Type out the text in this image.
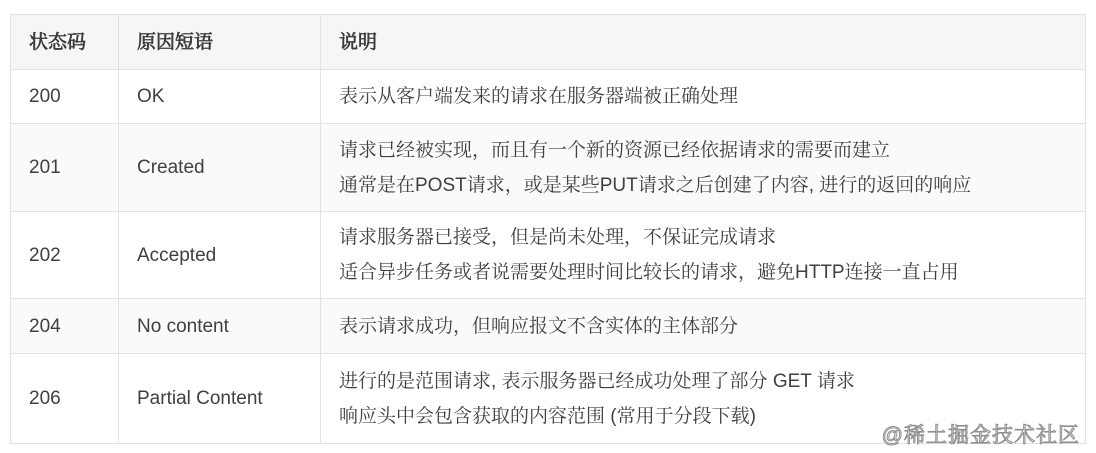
状态码	原因短语	说明
200	OK	表示从客户端发来的请求在服务器端被正确处理

201	Created	请求已经被实现，而且有一个新的资源已经依据请求的需要而建立
通常是在POST请求，或是某些PUT请求之后创建了内容, 进行的返回的响应

202	Accepted	请求服务器已接受，但是尚未处理，不保证完成请求
适合异步任务或者说需要处理时间比较长的请求，避免HTTP连接一直占用

204	No content	表示请求成功，但响应报文不含实体的主体部分

206	Partial Content	进行的是范围请求, 表示服务器已经成功处理了部分 GET 请求
响应头中会包含获取的内容范围 (常用于分段下载)
@稀土掘金技术社区
